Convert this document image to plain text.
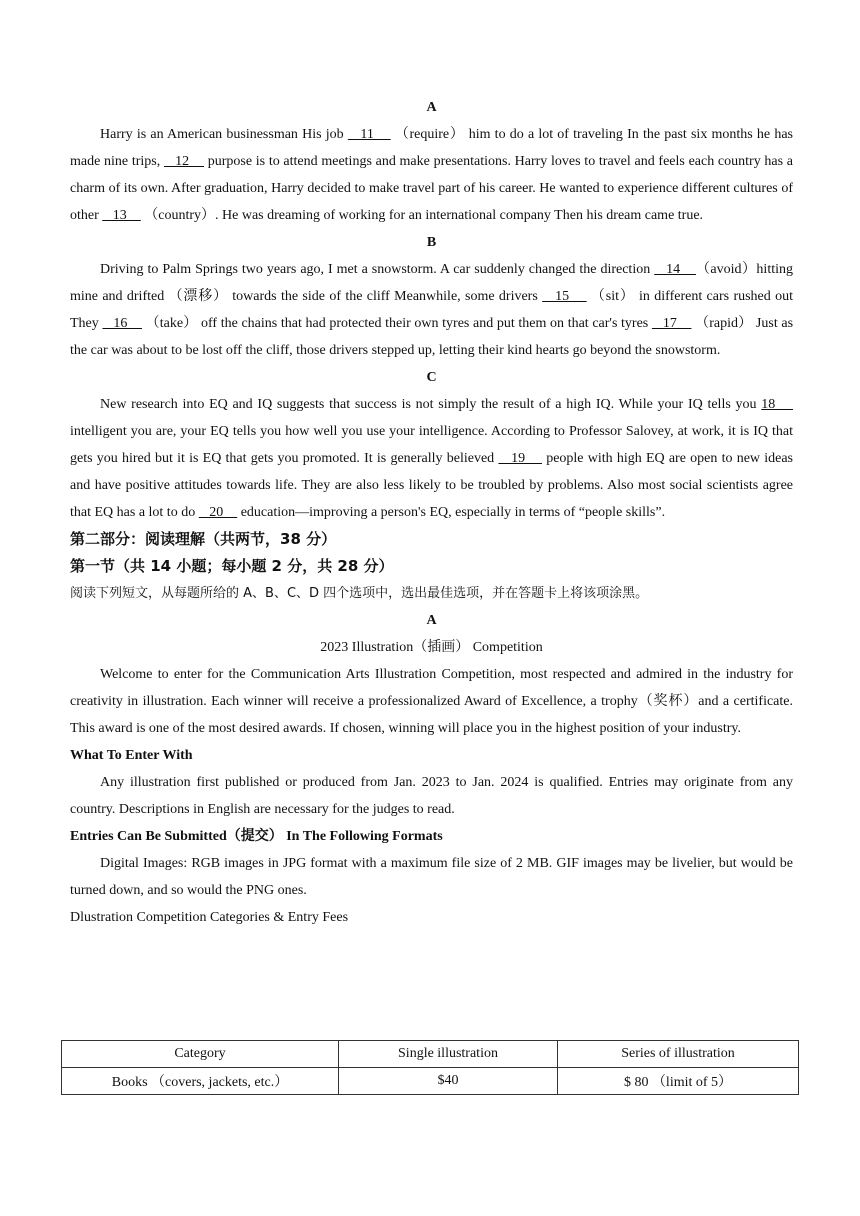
A

Harry is an American businessman His job    11     （require） him to do a lot of traveling In the past six months he has made nine trips,    12     purpose is to attend meetings and make presentations. Harry loves to travel and feels each country has a charm of its own. After graduation, Harry decided to make travel part of his career. He wanted to experience different cultures of other    13     （country）. He was dreaming of working for an international company Then his dream came true.

B

Driving to Palm Springs two years ago, I met a snowstorm. A car suddenly changed the direction    14    （avoid）hitting mine and drifted （漂移） towards the side of the cliff Meanwhile, some drivers    15     （sit） in different cars rushed out They    16     （take） off the chains that had protected their own tyres and put them on that car's tyres    17     （rapid） Just as the car was about to be lost off the cliff, those drivers stepped up, letting their kind hearts go beyond the snowstorm.

C

New research into EQ and IQ suggests that success is not simply the result of a high IQ. While your IQ tells you 18     intelligent you are, your EQ tells you how well you use your intelligence. According to Professor Salovey, at work, it is IQ that gets you hired but it is EQ that gets you promoted. It is generally believed    19     people with high EQ are open to new ideas and have positive attitudes towards life. They are also less likely to be troubled by problems. Also most social scientists agree that EQ has a lot to do    20     education—improving a person's EQ, especially in terms of “people skills”.

第二部分：阅读理解（共两节，38 分）

第一节（共 14 小题；每小题 2 分，共 28 分）

阅读下列短文，从每题所给的 A、B、C、D 四个选项中，选出最佳选项，并在答题卡上将该项涂黑。

A

2023 Illustration（插画） Competition

Welcome to enter for the Communication Arts Illustration Competition, most respected and admired in the industry for creativity in illustration. Each winner will receive a professionalized Award of Excellence, a trophy（奖杯）and a certificate. This award is one of the most desired awards. If chosen, winning will place you in the highest position of your industry.

What To Enter With

Any illustration first published or produced from Jan. 2023 to Jan. 2024 is qualified. Entries may originate from any country. Descriptions in English are necessary for the judges to read.

Entries Can Be Submitted（提交） In The Following Formats

Digital Images: RGB images in JPG format with a maximum file size of 2 MB. GIF images may be livelier, but would be turned down, and so would the PNG ones.

Dlustration Competition Categories & Entry Fees

Category	Single illustration	Series of illustration
Books （covers, jackets, etc.）	$40	$ 80 （limit of 5）
